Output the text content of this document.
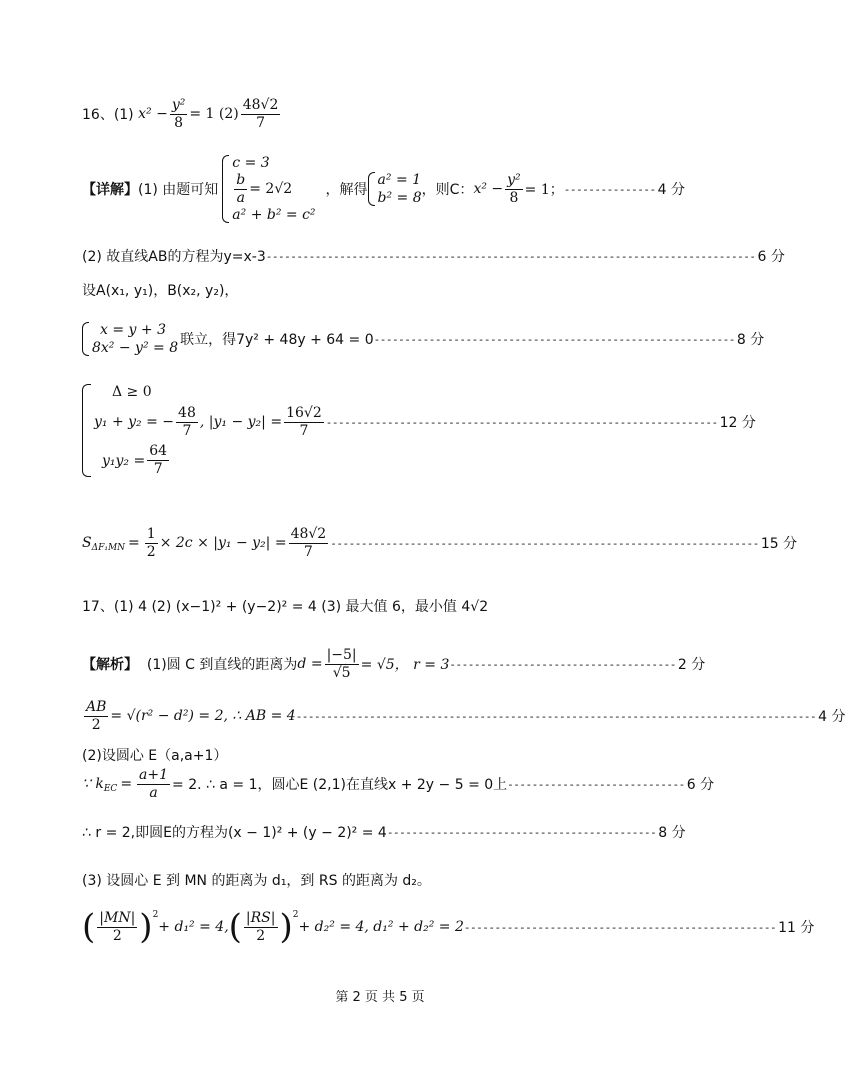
16、(1)
$x^2 - \frac{\text{y²}}{8} = 1$
$(2) \frac{48√2}{7}$
【详解】 (1) 由题可知
c = 3
$\frac{b}{a} = 2√2$
a² + b² = c²
，解得
a² = 1
b² = 8 ，则C： $x^2 - \frac{\text{y²}}{8} = 1$； --------------- 4 分
(2) 故直线AB的方程为y=x-3 -------------------------------------------------------------------------------- 6 分
设A(x₁, y₁)，B(x₂, y₂)，
x = y + 3
8x² − y² = 8 联立，得7y² + 48y + 64 = 0 ----------------------------------------------------------- 8 分
Δ ≥ 0
y₁ + y₂ = − $\frac{48}{7}$ , $|y_1 - y_2| = \frac{16√2}{7}$ ---------------------------------------------------------------- 12 分
$y_1y_2 = \frac{64}{7}$
$S_{\Delta F_1MN} = \frac{1}{2} \times 2c \times |y_1 - y_2| = \frac{48√2}{7}$ ---------------------------------------------------------------------- 15 分
17、(1) 4 (2) (x−1)² + (y−2)² = 4 (3) 最大值 6，最小值 4√2
【解析】
(1)圆 C 到直线的距离为 $d = \frac{|-5|}{√5} = √5$， r = 3 ------------------------------------- 2 分
$\frac{AB}{2} = √(r^2 - d^2) = 2$, ∴ AB = 4 ------------------------------------------------------------------------------------- 4 分
(2)设圆心 E（a,a+1）
∵ $k_{EC} = \frac{a+1}{a} = 2$. ∴ a = 1，圆心E (2,1)在直线x + 2y − 5 = 0上 ----------------------------- 6 分
∴ r = 2,即圆E的方程为(x − 1)² + (y − 2)² = 4 -------------------------------------------- 8 分
(3) 设圆心 E 到 MN 的距离为 d₁，到 RS 的距离为 d₂。
( $\frac{|MN|}{2} )^2$
+ d₁² = 4, ( $\frac{|RS|}{2} )^2$
+ d₂² = 4, d₁² + d₂² = 2 --------------------------------------------------- 11 分
第 2 页 共 5 页
